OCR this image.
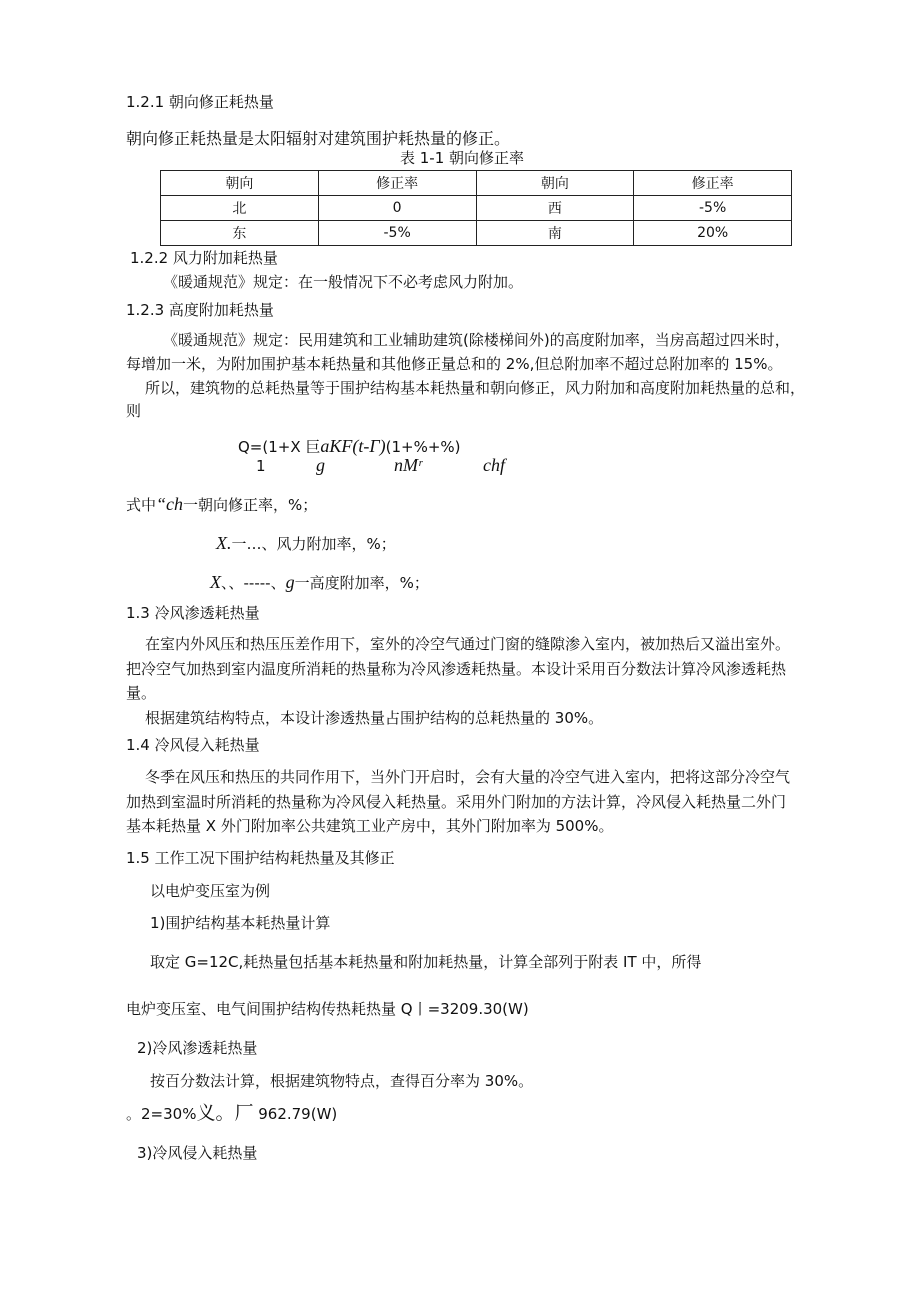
1.2.1 朝向修正耗热量
朝向修正耗热量是太阳辐射对建筑围护耗热量的修正。
表 1-1 朝向修正率
朝向	修正率	朝向	修正率
北	0	西	-5%
东	-5%	南	20%
1.2.2 风力附加耗热量
《暖通规范》规定：在一般情况下不必考虑风力附加。
1.2.3 高度附加耗热量
《暖通规范》规定：民用建筑和工业辅助建筑(除楼梯间外)的高度附加率，当房高超过四米时，
每增加一米，为附加围护基本耗热量和其他修正量总和的 2%,但总附加率不超过总附加率的 15%。
所以，建筑物的总耗热量等于围护结构基本耗热量和朝向修正，风力附加和高度附加耗热量的总和，
则
Q=(1+X 巨aKF(t-Γ)(1+%+%)
1	g	nMʳ	chf
式中“ch一朝向修正率，%；
X.一…、风力附加率，%；
X、、-----、g一高度附加率，%；
1.3 冷风渗透耗热量
在室内外风压和热压压差作用下，室外的冷空气通过门窗的缝隙渗入室内，被加热后又溢出室外。
把冷空气加热到室内温度所消耗的热量称为冷风渗透耗热量。本设计采用百分数法计算冷风渗透耗热
量。
根据建筑结构特点，本设计渗透热量占围护结构的总耗热量的 30%。
1.4 冷风侵入耗热量
冬季在风压和热压的共同作用下，当外门开启时，会有大量的冷空气进入室内，把将这部分冷空气
加热到室温时所消耗的热量称为冷风侵入耗热量。采用外门附加的方法计算，冷风侵入耗热量二外门
基本耗热量 X 外门附加率公共建筑工业产房中，其外门附加率为 500%。
1.5 工作工况下围护结构耗热量及其修正
以电炉变压室为例
1)围护结构基本耗热量计算
取定 G=12C,耗热量包括基本耗热量和附加耗热量，计算全部列于附表 IT 中，所得
电炉变压室、电气间围护结构传热耗热量 Q丨=3209.30(W)
2)冷风渗透耗热量
按百分数法计算，根据建筑物特点，查得百分率为 30%。
。2=30%义。厂 962.79(W)
3)冷风侵入耗热量
